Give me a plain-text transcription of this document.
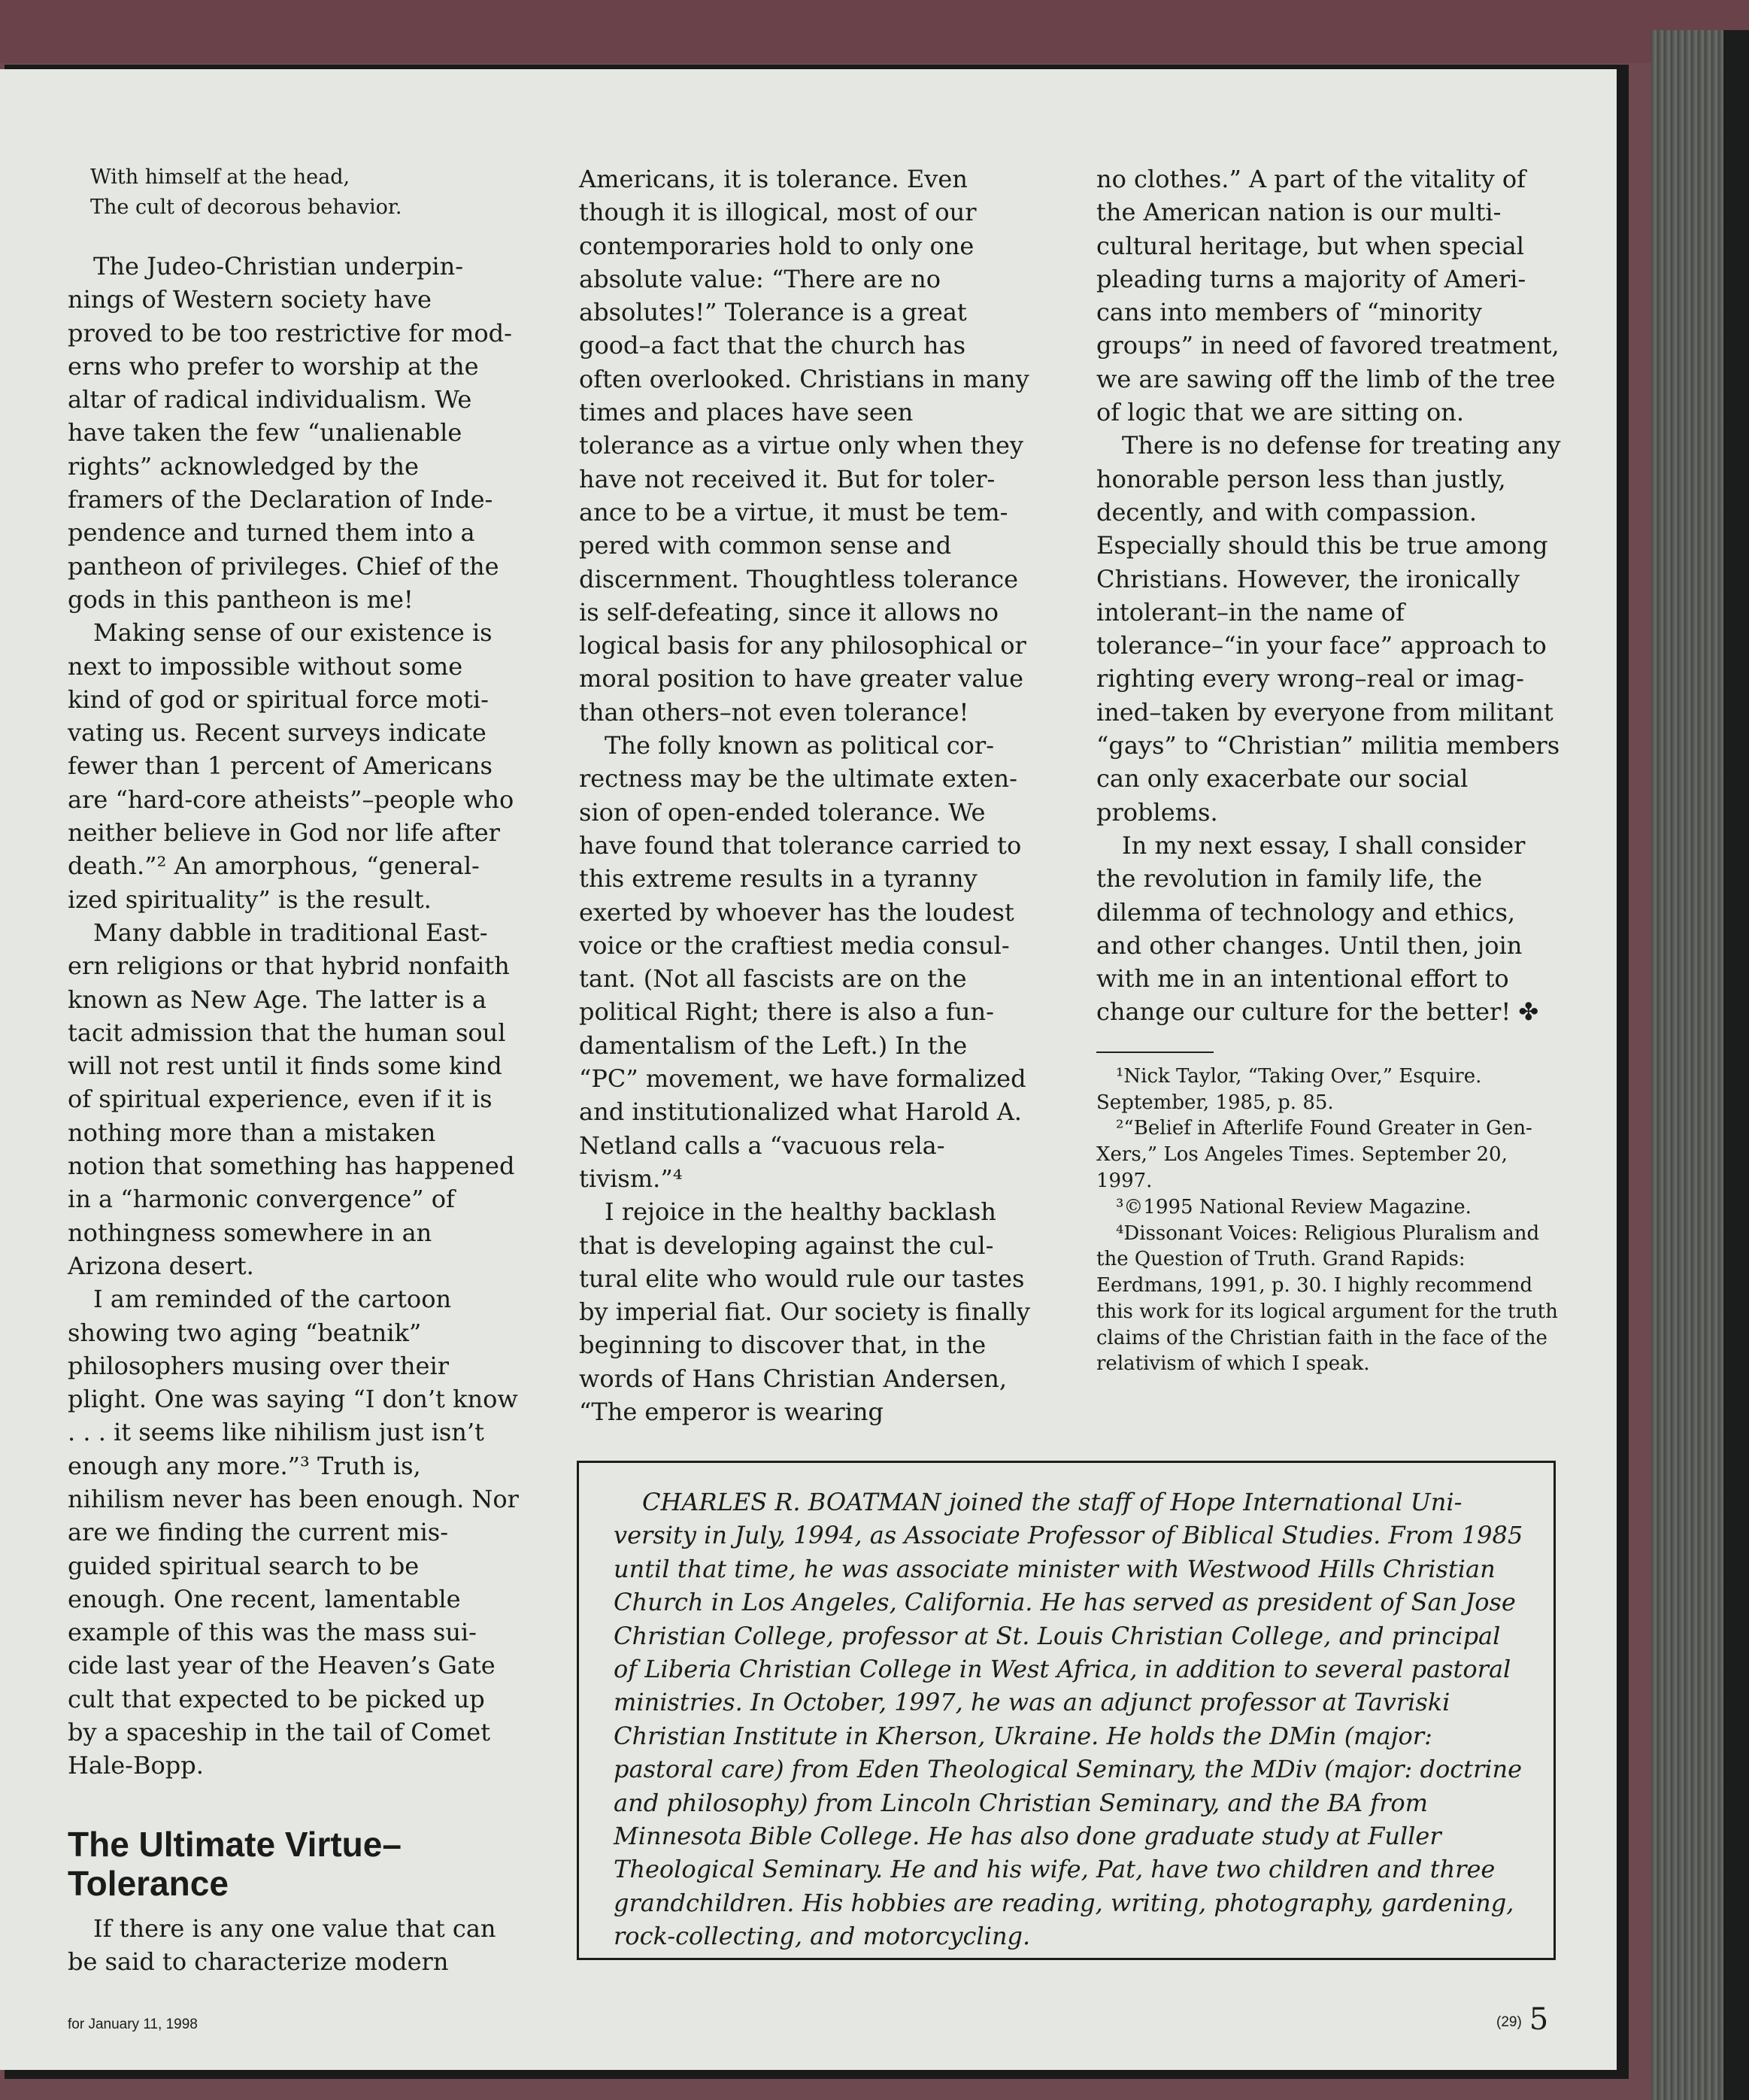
With himself at the head,
The cult of decorous behavior.

The Judeo-Christian underpinnings of Western society have proved to be too restrictive for moderns who prefer to worship at the altar of radical individualism. We have taken the few “unalienable rights” acknowledged by the framers of the Declaration of Independence and turned them into a pantheon of privileges. Chief of the gods in this pantheon is me!

Making sense of our existence is next to impossible without some kind of god or spiritual force motivating us. Recent surveys indicate fewer than 1 percent of Americans are “hard-core atheists”–people who neither believe in God nor life after death.”² An amorphous, “generalized spirituality” is the result.

Many dabble in traditional Eastern religions or that hybrid nonfaith known as New Age. The latter is a tacit admission that the human soul will not rest until it finds some kind of spiritual experience, even if it is nothing more than a mistaken notion that something has happened in a “harmonic convergence” of nothingness somewhere in an Arizona desert.

I am reminded of the cartoon showing two aging “beatnik” philosophers musing over their plight. One was saying “I don’t know . . . it seems like nihilism just isn’t enough any more.”³ Truth is, nihilism never has been enough. Nor are we finding the current misguided spiritual search to be enough. One recent, lamentable example of this was the mass suicide last year of the Heaven’s Gate cult that expected to be picked up by a spaceship in the tail of Comet Hale-Bopp.

The Ultimate Virtue–Tolerance

If there is any one value that can be said to characterize modern

Americans, it is tolerance. Even though it is illogical, most of our contemporaries hold to only one absolute value: “There are no absolutes!” Tolerance is a great good–a fact that the church has often overlooked. Christians in many times and places have seen tolerance as a virtue only when they have not received it. But for tolerance to be a virtue, it must be tempered with common sense and discernment. Thoughtless tolerance is self-defeating, since it allows no logical basis for any philosophical or moral position to have greater value than others–not even tolerance!

The folly known as political correctness may be the ultimate extension of open-ended tolerance. We have found that tolerance carried to this extreme results in a tyranny exerted by whoever has the loudest voice or the craftiest media consultant. (Not all fascists are on the political Right; there is also a fundamentalism of the Left.) In the “PC” movement, we have formalized and institutionalized what Harold A. Netland calls a “vacuous relativism.”⁴

I rejoice in the healthy backlash that is developing against the cultural elite who would rule our tastes by imperial fiat. Our society is finally beginning to discover that, in the words of Hans Christian Andersen, “The emperor is wearing

no clothes.” A part of the vitality of the American nation is our multicultural heritage, but when special pleading turns a majority of Americans into members of “minority groups” in need of favored treatment, we are sawing off the limb of the tree of logic that we are sitting on.

There is no defense for treating any honorable person less than justly, decently, and with compassion. Especially should this be true among Christians. However, the ironically intolerant–in the name of tolerance–“in your face” approach to righting every wrong–real or imagined–taken by everyone from militant “gays” to “Christian” militia members can only exacerbate our social problems.

In my next essay, I shall consider the revolution in family life, the dilemma of technology and ethics, and other changes. Until then, join with me in an intentional effort to change our culture for the better! ✤

¹Nick Taylor, “Taking Over,” Esquire. September, 1985, p. 85.

²“Belief in Afterlife Found Greater in Gen-Xers,” Los Angeles Times. September 20, 1997.

³©1995 National Review Magazine.

⁴Dissonant Voices: Religious Pluralism and the Question of Truth. Grand Rapids: Eerdmans, 1991, p. 30. I highly recommend this work for its logical argument for the truth claims of the Christian faith in the face of the relativism of which I speak.

CHARLES R. BOATMAN joined the staff of Hope International University in July, 1994, as Associate Professor of Biblical Studies. From 1985 until that time, he was associate minister with Westwood Hills Christian Church in Los Angeles, California. He has served as president of San Jose Christian College, professor at St. Louis Christian College, and principal of Liberia Christian College in West Africa, in addition to several pastoral ministries. In October, 1997, he was an adjunct professor at Tavriski Christian Institute in Kherson, Ukraine. He holds the DMin (major: pastoral care) from Eden Theological Seminary, the MDiv (major: doctrine and philosophy) from Lincoln Christian Seminary, and the BA from Minnesota Bible College. He has also done graduate study at Fuller Theological Seminary. He and his wife, Pat, have two children and three grandchildren. His hobbies are reading, writing, photography, gardening, rock-collecting, and motorcycling.

for January 11, 1998	(29) 5
